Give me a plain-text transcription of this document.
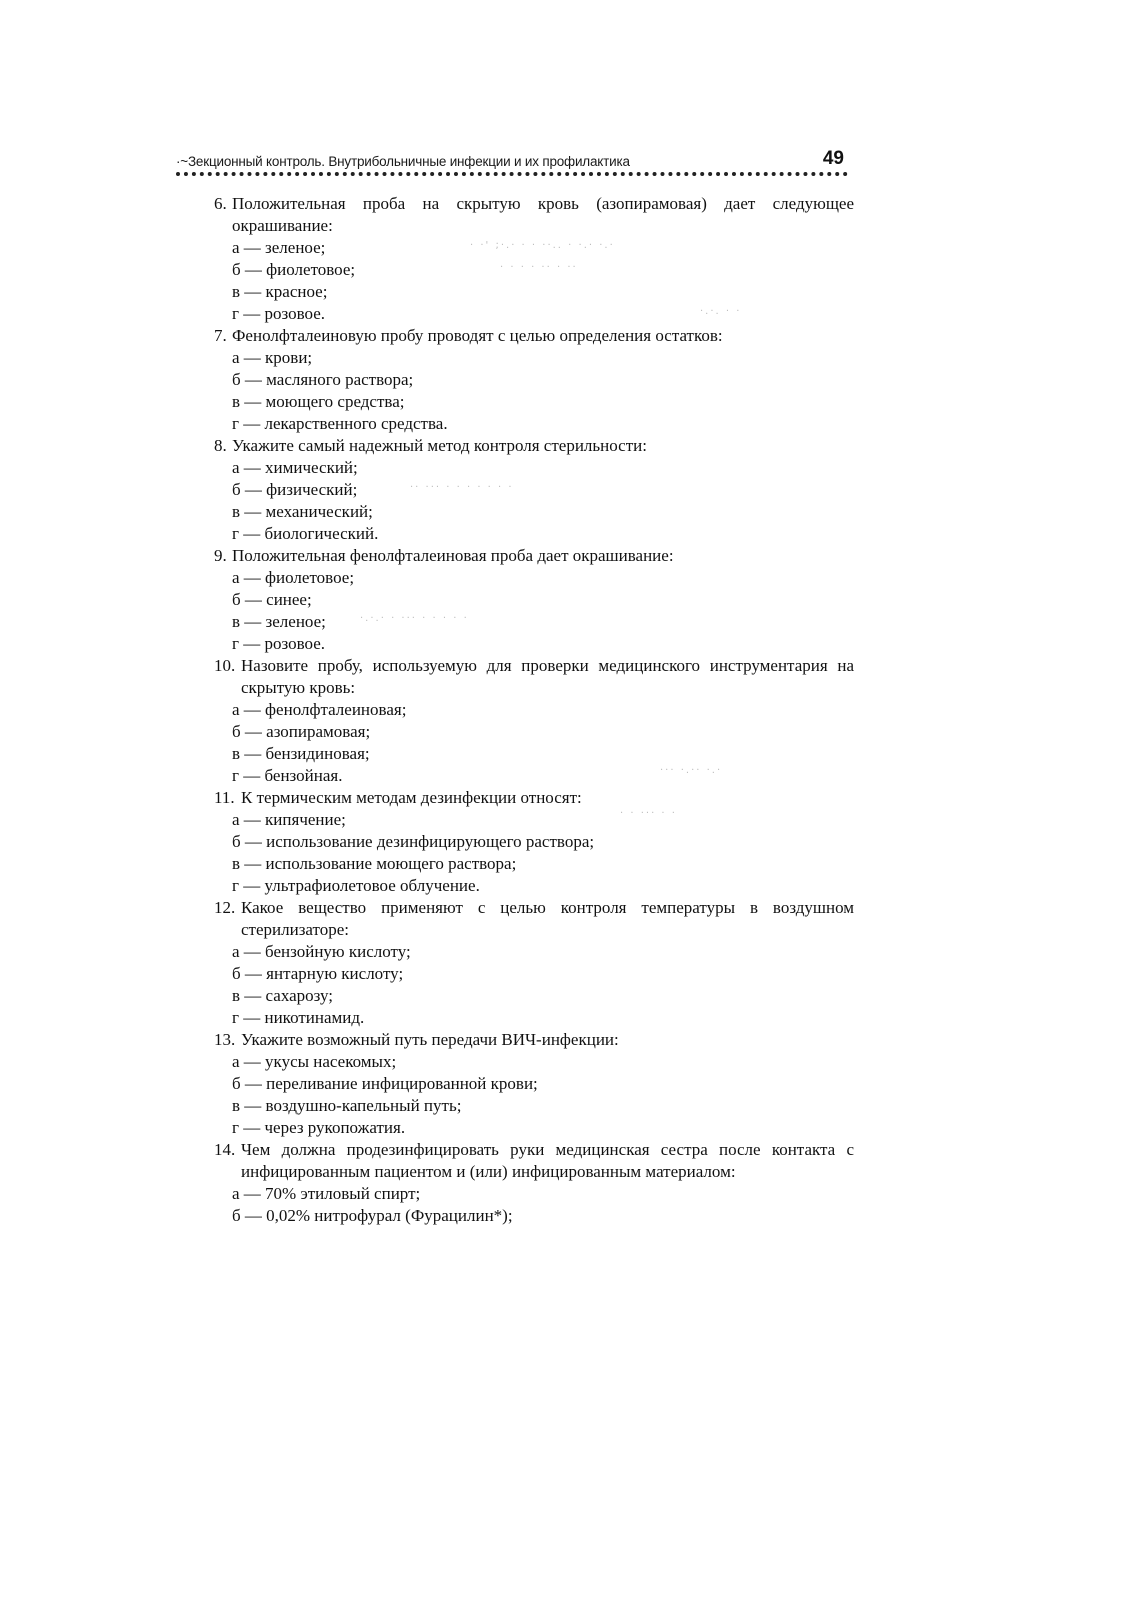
·~Зекционный контроль. Внутрибольничные инфекции и их профилактика	49
6. Положительная проба на скрытую кровь (азопирамовая) дает следующее окрашивание:
а — зеленое;
б — фиолетовое;
в — красное;
г — розовое.
7. Фенолфталеиновую пробу проводят с целью определения остатков:
а — крови;
б — масляного раствора;
в — моющего средства;
г — лекарственного средства.
8. Укажите самый надежный метод контроля стерильности:
а — химический;
б — физический;
в — механический;
г — биологический.
9. Положительная фенолфталеиновая проба дает окрашивание:
а — фиолетовое;
б — синее;
в — зеленое;
г — розовое.
10. Назовите пробу, используемую для проверки медицинского инструментария на скрытую кровь:
а — фенолфталеиновая;
б — азопирамовая;
в — бензидиновая;
г — бензойная.
11. К термическим методам дезинфекции относят:
а — кипячение;
б — использование дезинфицирующего раствора;
в — использование моющего раствора;
г — ультрафиолетовое облучение.
12. Какое вещество применяют с целью контроля температуры в воздушном стерилизаторе:
а — бензойную кислоту;
б — янтарную кислоту;
в — сахарозу;
г — никотинамид.
13. Укажите возможный путь передачи ВИЧ-инфекции:
а — укусы насекомых;
б — переливание инфицированной крови;
в — воздушно-капельный путь;
г — через рукопожатия.
14. Чем должна продезинфицировать руки медицинская сестра после контакта с инфицированным пациентом и (или) инфицированным материалом:
а — 70% этиловый спирт;
б — 0,02% нитрофурал (Фурацилин*);
· ·' ;·.· · · ··.. · ·.· ·.·
· · · · ·· · ··
·.·. · ·
·· ··· · · · · · · ·
·.·.· · ··· · · · · ·
··· ·.·· ·.·
· · ··· · ·
